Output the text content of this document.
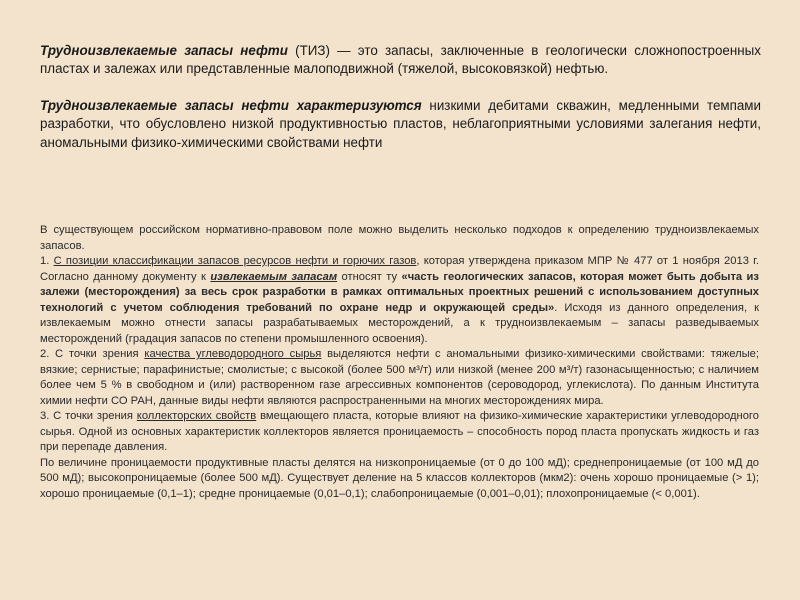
Трудноизвлекаемые запасы нефти (ТИЗ) — это запасы, заключенные в геологически сложнопостроенных пластах и залежах или представленные малоподвижной (тяжелой, высоковязкой) нефтью.

Трудноизвлекаемые запасы нефти характеризуются низкими дебитами скважин, медленными темпами разработки, что обусловлено низкой продуктивностью пластов, неблагоприятными условиями залегания нефти, аномальными физико-химическими свойствами нефти

В существующем российском нормативно-правовом поле можно выделить несколько подходов к определению трудноизвлекаемых запасов.

1. С позиции классификации запасов ресурсов нефти и горючих газов, которая утверждена приказом МПР № 477 от 1 ноября 2013 г. Согласно данному документу к извлекаемым запасам относят ту «часть геологических запасов, которая может быть добыта из залежи (месторождения) за весь срок разработки в рамках оптимальных проектных решений с использованием доступных технологий с учетом соблюдения требований по охране недр и окружающей среды». Исходя из данного определения, к извлекаемым можно отнести запасы разрабатываемых месторождений, а к трудноизвлекаемым – запасы разведываемых месторождений (градация запасов по степени промышленного освоения).

2. С точки зрения качества углеводородного сырья выделяются нефти с аномальными физико-химическими свойствами: тяжелые; вязкие; сернистые; парафинистые; смолистые; с высокой (более 500 м³/т) или низкой (менее 200 м³/т) газонасыщенностью; с наличием более чем 5 % в свободном и (или) растворенном газе агрессивных компонентов (сероводород, углекислота). По данным Института химии нефти СО РАН, данные виды нефти являются распространенными на многих месторождениях мира.

3. С точки зрения коллекторских свойств вмещающего пласта, которые влияют на физико-химические характеристики углеводородного сырья. Одной из основных характеристик коллекторов является проницаемость – способность пород пласта пропускать жидкость и газ при перепаде давления.

По величине проницаемости продуктивные пласты делятся на низкопроницаемые (от 0 до 100 мД); среднепроницаемые (от 100 мД до 500 мД); высокопроницаемые (более 500 мД). Существует деление на 5 классов коллекторов (мкм2): очень хорошо проницаемые (> 1); хорошо проницаемые (0,1–1); средне проницаемые (0,01–0,1); слабопроницаемые (0,001–0,01); плохопроницаемые (< 0,001).
